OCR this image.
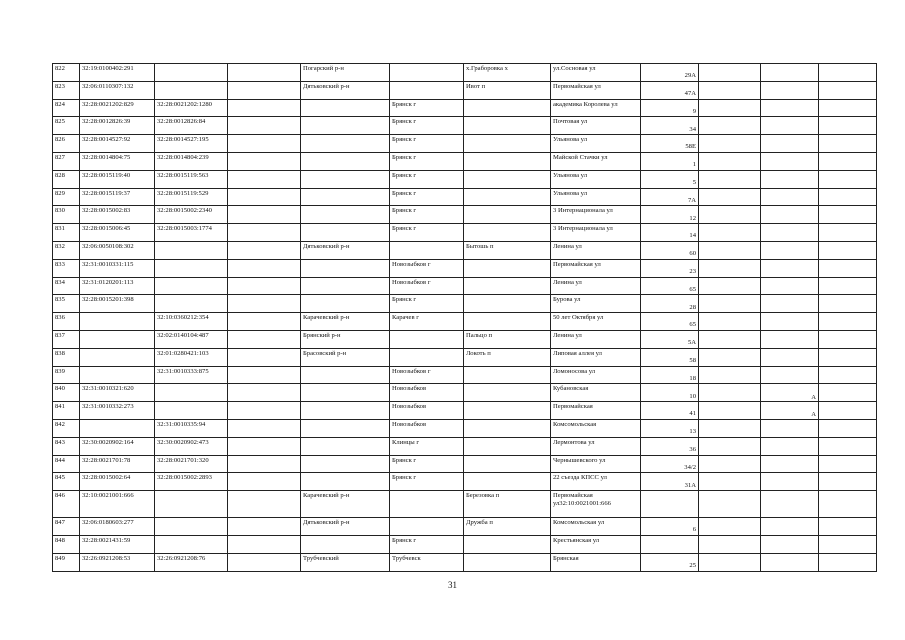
822	32:19:0100402:291			Погарский р-н		х.Граборовка х	ул.Сосновая ул	29А			
823	32:06:0110307:132			Дятьковский р-н		Ивот п	Первомайская ул	47А			
824	32:28:0021202:829	32:28:0021202:1280			Брянск г		академика Королева ул	9			
825	32:28:0012826:39	32:28:0012826:84			Брянск г		Почтовая ул	34			
826	32:28:0014527:92	32:28:0014527:195			Брянск г		Ульянова ул	58Е			
827	32:28:0014804:75	32:28:0014804:239			Брянск г		Майской Стачки ул	1			
828	32:28:0015119:40	32:28:0015119:563			Брянск г		Ульянова ул	5			
829	32:28:0015119:37	32:28:0015119:529			Брянск г		Ульянова ул	7А			
830	32:28:0015002:83	32:28:0015002:2340			Брянск г		3 Интернационала ул	12			
831	32:28:0015006:45	32:28:0015003:1774			Брянск г		3 Интернационала ул	14			
832	32:06:0050108:302			Дятьковский р-н		Бытошь п	Ленина ул	60			
833	32:31:0010331:115				Новозыбков г		Первомайская ул	23			
834	32:31:0120201:113				Новозыбков г		Ленина ул	65			
835	32:28:0015201:398				Брянск г		Бурова ул	28			
836		32:10:0360212:354		Карачевский р-н	Карачев г		50 лет Октября ул	65			
837		32:02:0140104:487		Брянский р-н		Пальцо п	Ленина ул	5А			
838		32:01:0280421:103		Брасовский р-н		Локоть п	Липовая аллея ул	58			
839		32:31:0010333:875			Новозыбков г		Ломоносова ул	18			
840	32:31:0010321:620				Новозыбков		Кубановская	10		А	
841	32:31:0010332:273				Новозыбков		Первомайская	41		А	
842		32:31:0010335:94			Новозыбков		Комсомольская	13			
843	32:30:0020902:164	32:30:0020902:473			Клинцы г		Лермонтова ул	36			
844	32:28:0021701:78	32:28:0021701:320			Брянск г		Чернышевского ул	34/2			
845	32:28:0015002:64	32:28:0015002:2893			Брянск г		22 съезда КПСС ул	31А			
846	32:10:0021001:666			Карачевский р-н		Березовка п	Первомайская ул32:10:0021001:666				
847	32:06:0180603:277			Дятьковский р-н		Дружба п	Комсомольская ул	6			
848	32:28:0021431:59				Брянск г		Крестьянская ул				
849	32:26:0921208:53	32:26:0921208:76		Трубчевский	Трубчевск		Брянская	25			
31
